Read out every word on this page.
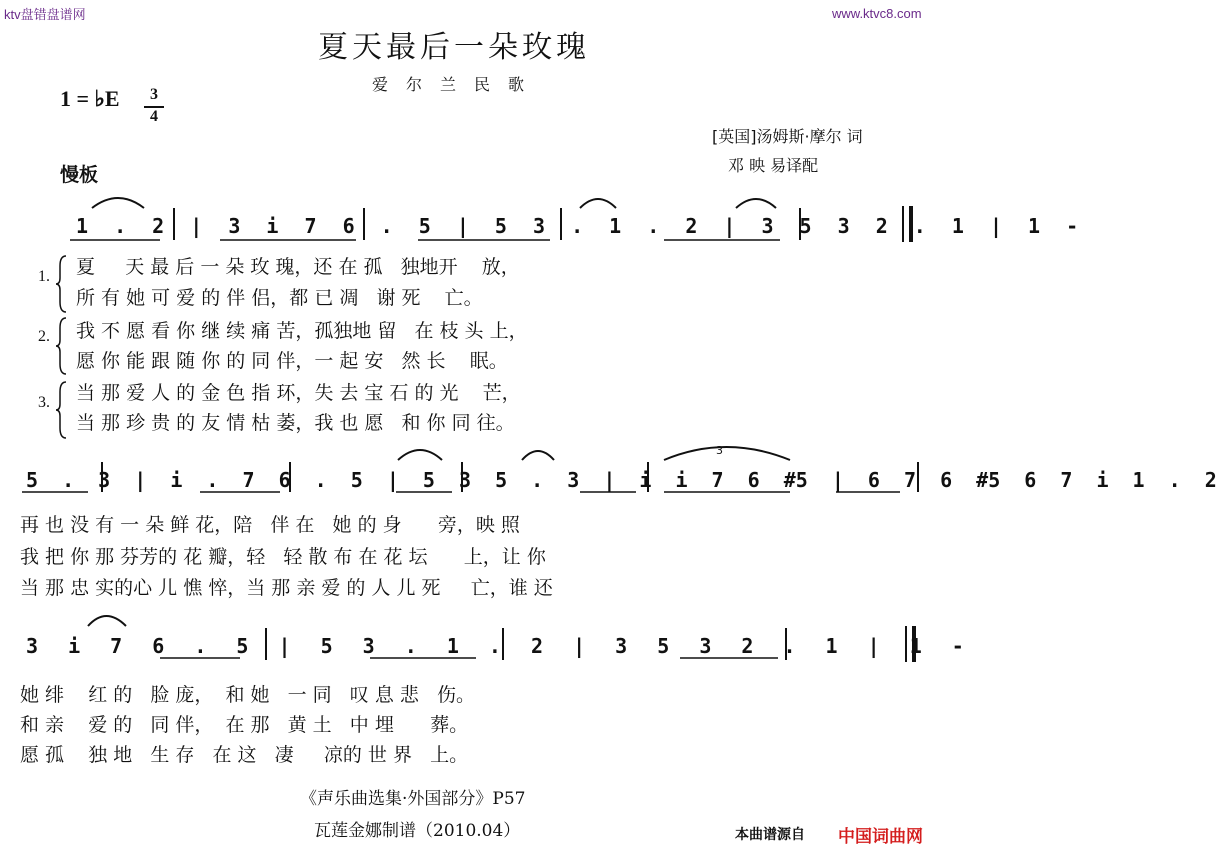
ktv盘错盘谱网	www.ktvc8.com
夏天最后一朵玫瑰
爱尔兰民歌
1 = ♭E	3
4
[英国]汤姆斯·摩尔 词
邓 映 易译配
慢板
1 . 2 | 3 i 7 6 . 5 | 5 3 . 1 . 2 | 3 5 3 2 . 1 | 1 -
1.
2.
3.
夏     天 最 后 一 朵 玫 瑰，还 在 孤   独地开    放，
所 有 她 可 爱 的 伴 侣，都 已 凋   谢 死    亡。
我 不 愿 看 你 继 续 痛 苦，孤独地 留   在 枝 头 上，
愿 你 能 跟 随 你 的 同 伴，一 起 安   然 长    眠。
当 那 爱 人 的 金 色 指 环，失 去 宝 石 的 光    芒，
当 那 珍 贵 的 友 情 枯 萎，我 也 愿   和 你 同 往。
5 . 3 | i . 7 6 . 5 | 5 3 5 . 3 | i i 7 6 #5 | 6 7 6 #5 6 7 i 1 . 2
3
再 也 没 有 一 朵 鲜 花，陪   伴 在   她 的 身      旁，映 照
我 把 你 那 芬芳的 花 瓣，轻   轻 散 布 在 花 坛      上，让 你
当 那 忠 实的心 儿 憔 悴，当 那 亲 爱 的 人 儿 死     亡，谁 还
3 i 7 6 . 5 | 5 3 . 1 . 2 | 3 5 3 2 . 1 | 1 -
她 绯    红 的   脸 庞，  和 她   一 同   叹 息 悲   伤。
和 亲    爱 的   同 伴，  在 那   黄 土   中 埋      葬。
愿 孤    独 地   生 存   在 这   凄     凉的 世 界   上。
《声乐曲选集·外国部分》P57
瓦莲金娜制谱（2010.04）	本曲谱源自 中国词曲网
